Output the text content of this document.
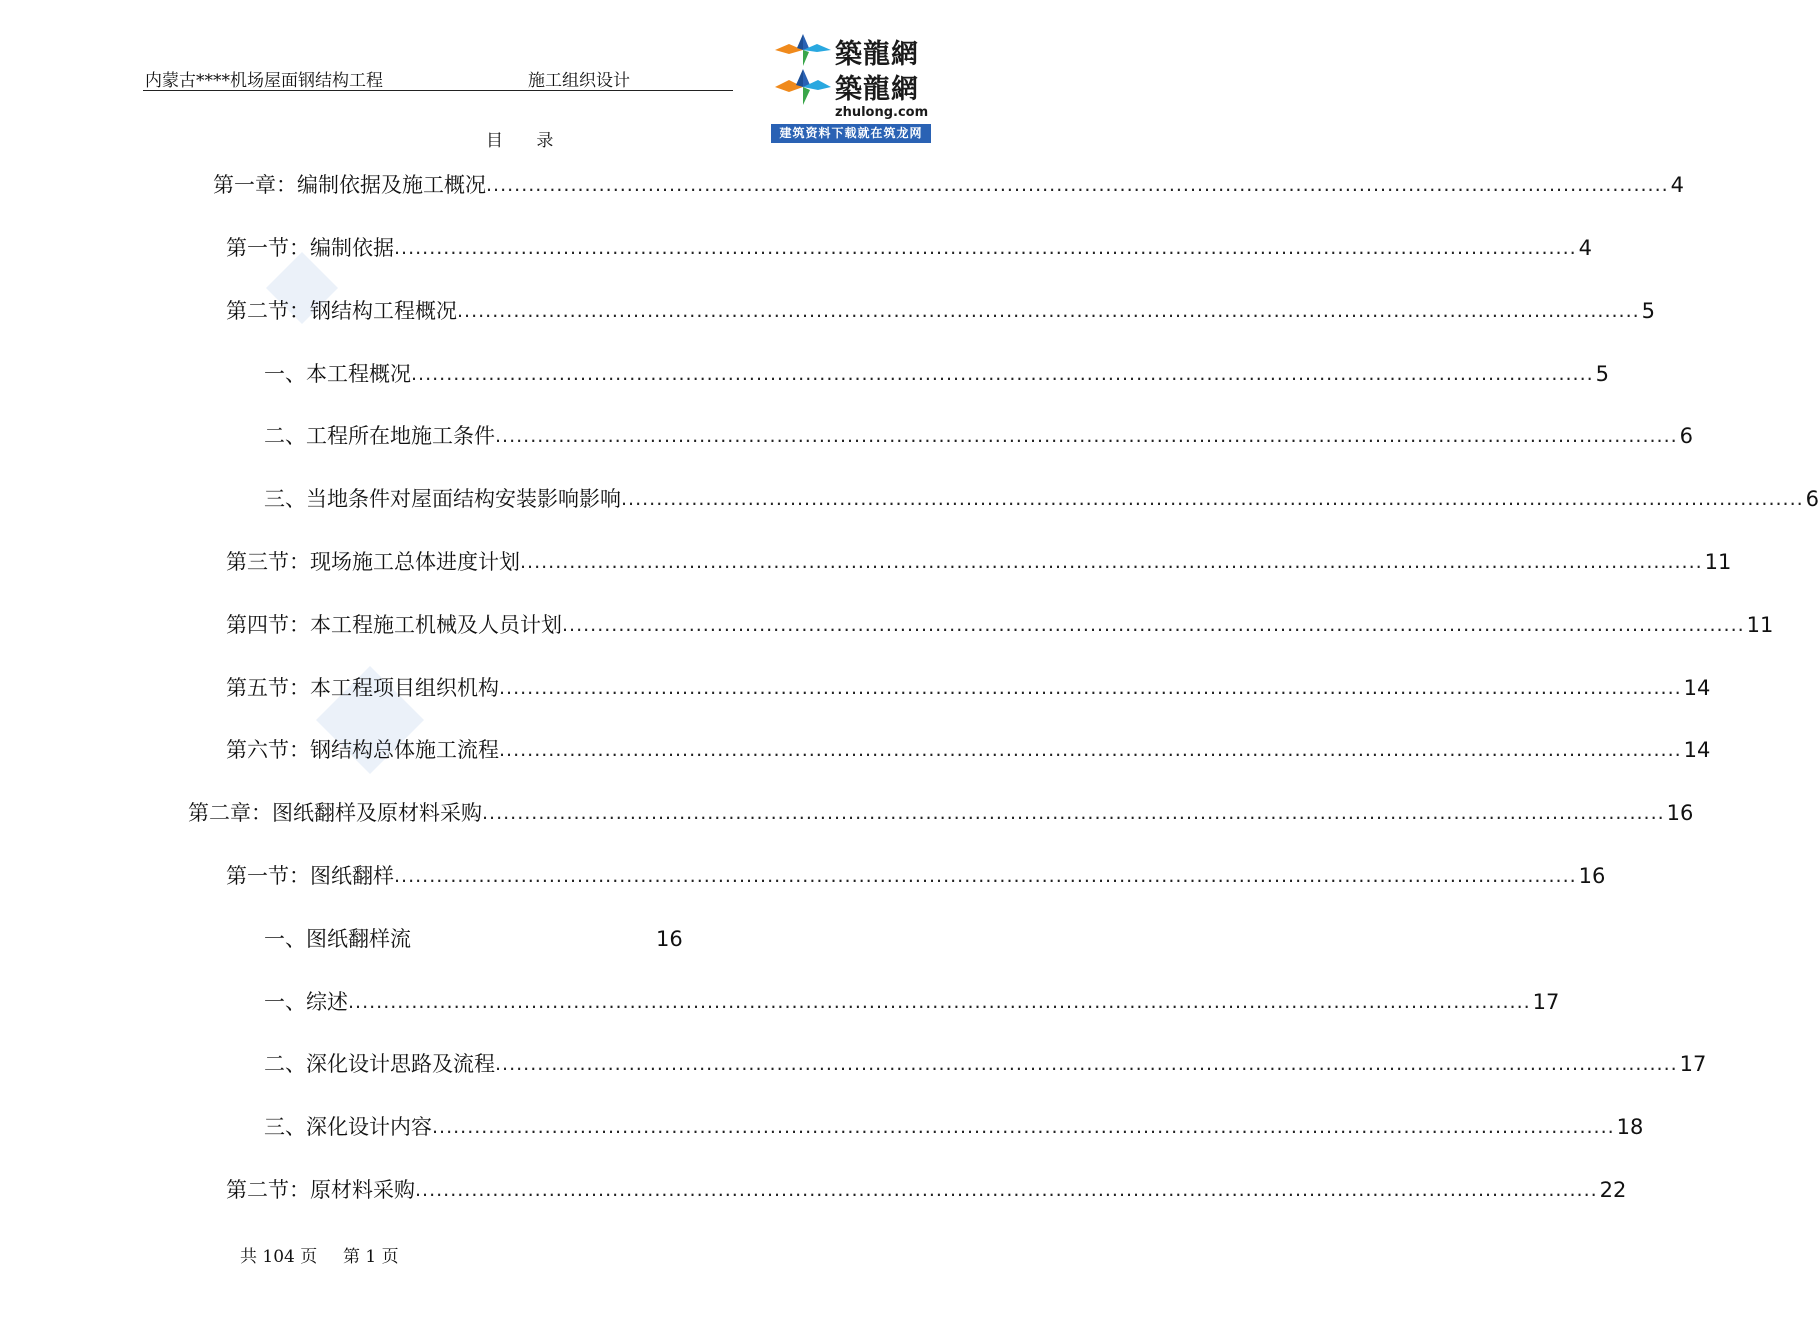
内蒙古****机场屋面钢结构工程	施工组织设计
築龍網
築龍網
zhulong.com
建筑资料下载就在筑龙网
目 录
第一章：编制依据及施工概况 ........................................................................................................................................................................ 4
第一节：编制依据 ........................................................................................................................................................................ 4
第二节：钢结构工程概况 ........................................................................................................................................................................ 5
一、本工程概况 ........................................................................................................................................................................ 5
二、工程所在地施工条件 ........................................................................................................................................................................ 6
三、当地条件对屋面结构安装影响影响 ........................................................................................................................................................................ 6
第三节：现场施工总体进度计划 ........................................................................................................................................................................ 11
第四节：本工程施工机械及人员计划 ........................................................................................................................................................................ 11
第五节：本工程项目组织机构 ........................................................................................................................................................................ 14
第六节：钢结构总体施工流程 ........................................................................................................................................................................ 14
第二章：图纸翻样及原材料采购 ........................................................................................................................................................................ 16
第一节：图纸翻样 ........................................................................................................................................................................ 16
一、图纸翻样流	16
一、综述 ........................................................................................................................................................................ 17
二、深化设计思路及流程 ........................................................................................................................................................................ 17
三、深化设计内容 ........................................................................................................................................................................ 18
第二节：原材料采购 ........................................................................................................................................................................ 22
共 104 页 第 1 页
